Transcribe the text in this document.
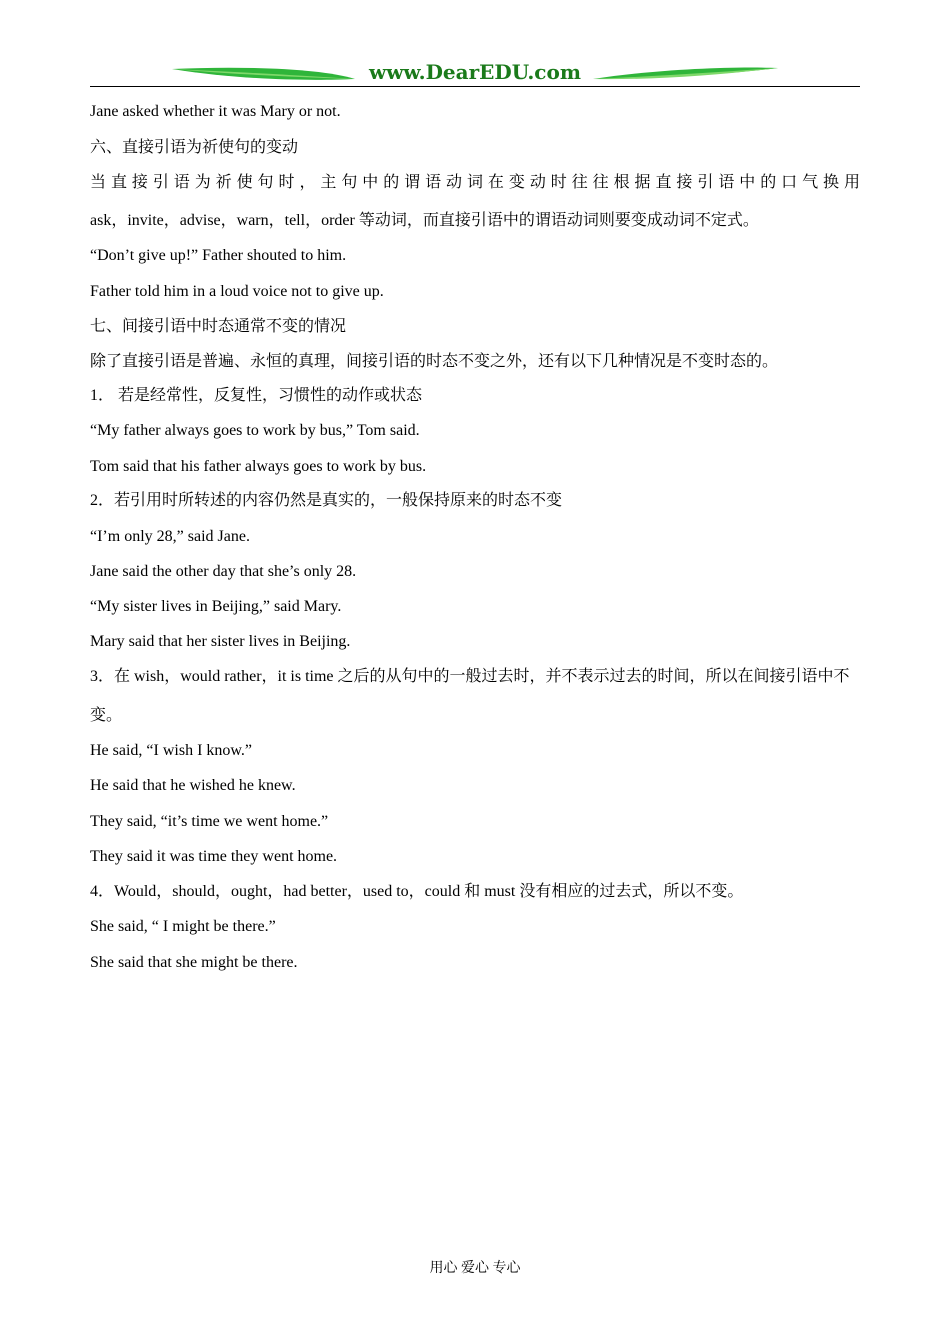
www.DearEDU.com
Jane asked whether it was Mary or not.
六、直接引语为祈使句的变动
当直接引语为祈使句时，主句中的谓语动词在变动时往往根据直接引语中的口气换用
ask，invite，advise，warn，tell，order 等动词，而直接引语中的谓语动词则要变成动词不定式。
“Don’t give up!” Father shouted to him.
Father told him in a loud voice not to give up.
七、间接引语中时态通常不变的情况
除了直接引语是普遍、永恒的真理，间接引语的时态不变之外，还有以下几种情况是不变时态的。
1． 若是经常性，反复性，习惯性的动作或状态
“My father always goes to work by bus,” Tom said.
Tom said that his father always goes to work by bus.
2．若引用时所转述的内容仍然是真实的，一般保持原来的时态不变
“I’m only 28,” said Jane.
Jane said the other day that she’s only 28.
“My sister lives in Beijing,” said Mary.
Mary said that her sister lives in Beijing.
3．在 wish，would rather，it is time 之后的从句中的一般过去时，并不表示过去的时间，所以在间接引语中不
变。
He said, “I wish I know.”
He said that he wished he knew.
They said, “it’s time we went home.”
They said it was time they went home.
4．Would，should，ought，had better，used to，could 和 must 没有相应的过去式，所以不变。
She said, “ I might be there.”
She said that she might be there.
用心 爱心 专心
